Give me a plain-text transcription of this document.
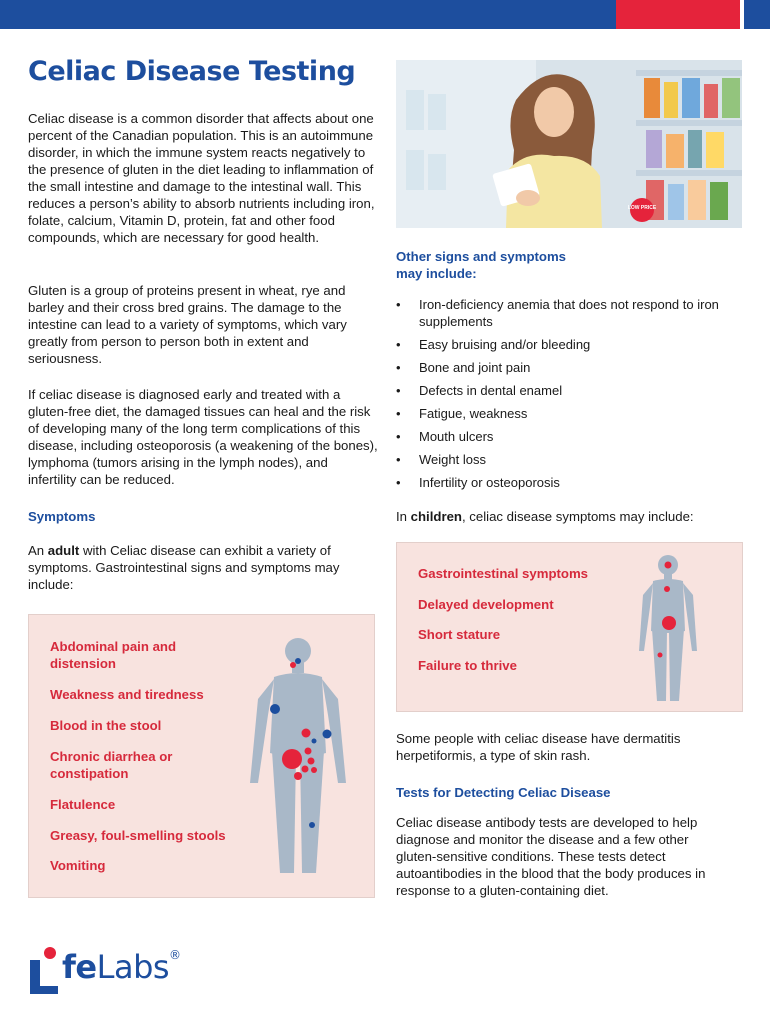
Celiac Disease Testing

Celiac disease is a common disorder that affects about one percent of the Canadian population. This is an autoimmune disorder, in which the immune system reacts negatively to the presence of gluten in the diet leading to inflammation of the small intestine and damage to the intestinal wall. This reduces a person’s ability to absorb nutrients including iron, folate, calcium, Vitamin D, protein, fat and other food compounds, which are necessary for good health.

Gluten is a group of proteins present in wheat, rye and barley and their cross bred grains. The damage to the intestine can lead to a variety of symptoms, which vary greatly from person to person both in extent and seriousness.

If celiac disease is diagnosed early and treated with a gluten-free diet, the damaged tissues can heal and the risk of developing many of the long term complications of this disease, including osteoporosis (a weakening of the bones), lymphoma (tumors arising in the lymph nodes), and infertility can be reduced.

Symptoms

An adult with Celiac disease can exhibit a variety of symptoms. Gastrointestinal signs and symptoms may include:

Abdominal pain and distension

Weakness and tiredness

Blood in the stool

Chronic diarrhea or constipation

Flatulence

Greasy, foul-smelling stools

Vomiting

LOW PRICE

Other signs and symptoms may include:

• Iron-deficiency anemia that does not respond to iron supplements
• Easy bruising and/or bleeding
• Bone and joint pain
• Defects in dental enamel
• Fatigue, weakness
• Mouth ulcers
• Weight loss
• Infertility or osteoporosis

In children, celiac disease symptoms may include:

Gastrointestinal symptoms

Delayed development

Short stature

Failure to thrive

Some people with celiac disease have dermatitis herpetiformis, a type of skin rash.

Tests for Detecting Celiac Disease

Celiac disease antibody tests are developed to help diagnose and monitor the disease and a few other gluten-sensitive conditions. These tests detect autoantibodies in the blood that the body produces in response to a gluten-containing diet.

feLabs®
